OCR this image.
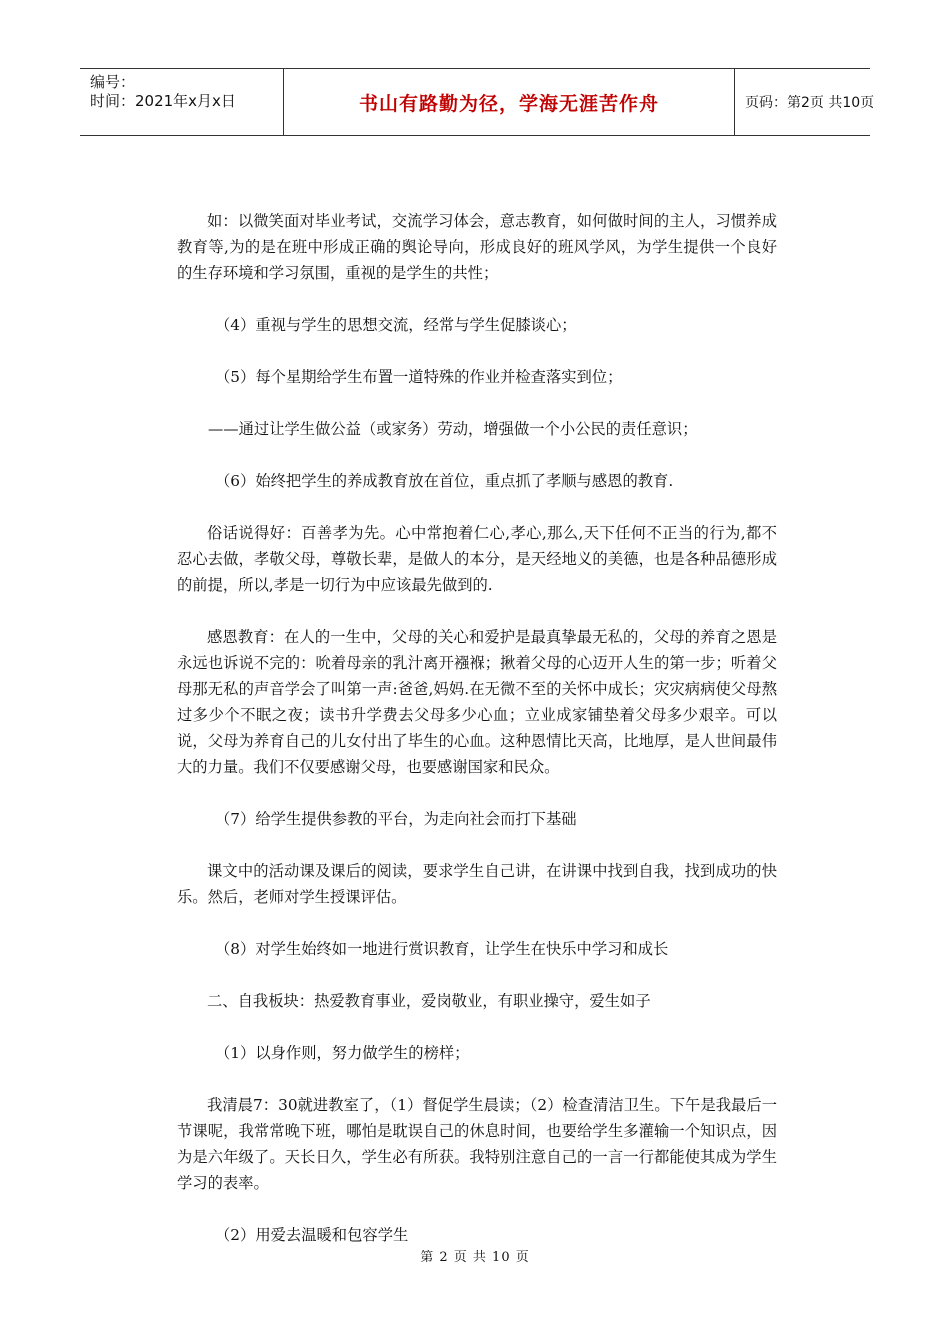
编号：
时间：2021年x月x日	书山有路勤为径，学海无涯苦作舟	页码：第2页 共10页

如：以微笑面对毕业考试，交流学习体会，意志教育，如何做时间的主人，习惯养成教育等,为的是在班中形成正确的舆论导向，形成良好的班风学风，为学生提供一个良好的生存环境和学习氛围，重视的是学生的共性；

（4）重视与学生的思想交流，经常与学生促膝谈心；

（5）每个星期给学生布置一道特殊的作业并检查落实到位；

——通过让学生做公益（或家务）劳动，增强做一个小公民的责任意识；

（6）始终把学生的养成教育放在首位，重点抓了孝顺与感恩的教育.

俗话说得好：百善孝为先。心中常抱着仁心,孝心,那么,天下任何不正当的行为,都不忍心去做，孝敬父母，尊敬长辈，是做人的本分，是天经地义的美德，也是各种品德形成的前提，所以,孝是一切行为中应该最先做到的.

感恩教育：在人的一生中，父母的关心和爱护是最真挚最无私的，父母的养育之恩是永远也诉说不完的：吮着母亲的乳汁离开襁褓；揪着父母的心迈开人生的第一步；听着父母那无私的声音学会了叫第一声:爸爸,妈妈.在无微不至的关怀中成长；灾灾病病使父母熬过多少个不眠之夜；读书升学费去父母多少心血；立业成家铺垫着父母多少艰辛。可以说，父母为养育自己的儿女付出了毕生的心血。这种恩情比天高，比地厚，是人世间最伟大的力量。我们不仅要感谢父母，也要感谢国家和民众。

（7）给学生提供参教的平台，为走向社会而打下基础

课文中的活动课及课后的阅读，要求学生自己讲，在讲课中找到自我，找到成功的快乐。然后，老师对学生授课评估。

（8）对学生始终如一地进行赏识教育，让学生在快乐中学习和成长

二、自我板块：热爱教育事业，爱岗敬业，有职业操守，爱生如子

（1）以身作则，努力做学生的榜样；

我清晨7：30就进教室了，（1）督促学生晨读；（2）检查清洁卫生。下午是我最后一节课呢，我常常晚下班，哪怕是耽误自己的休息时间，也要给学生多灌输一个知识点，因为是六年级了。天长日久，学生必有所获。我特别注意自己的一言一行都能使其成为学生学习的表率。

（2）用爱去温暖和包容学生

第 2 页 共 10 页
